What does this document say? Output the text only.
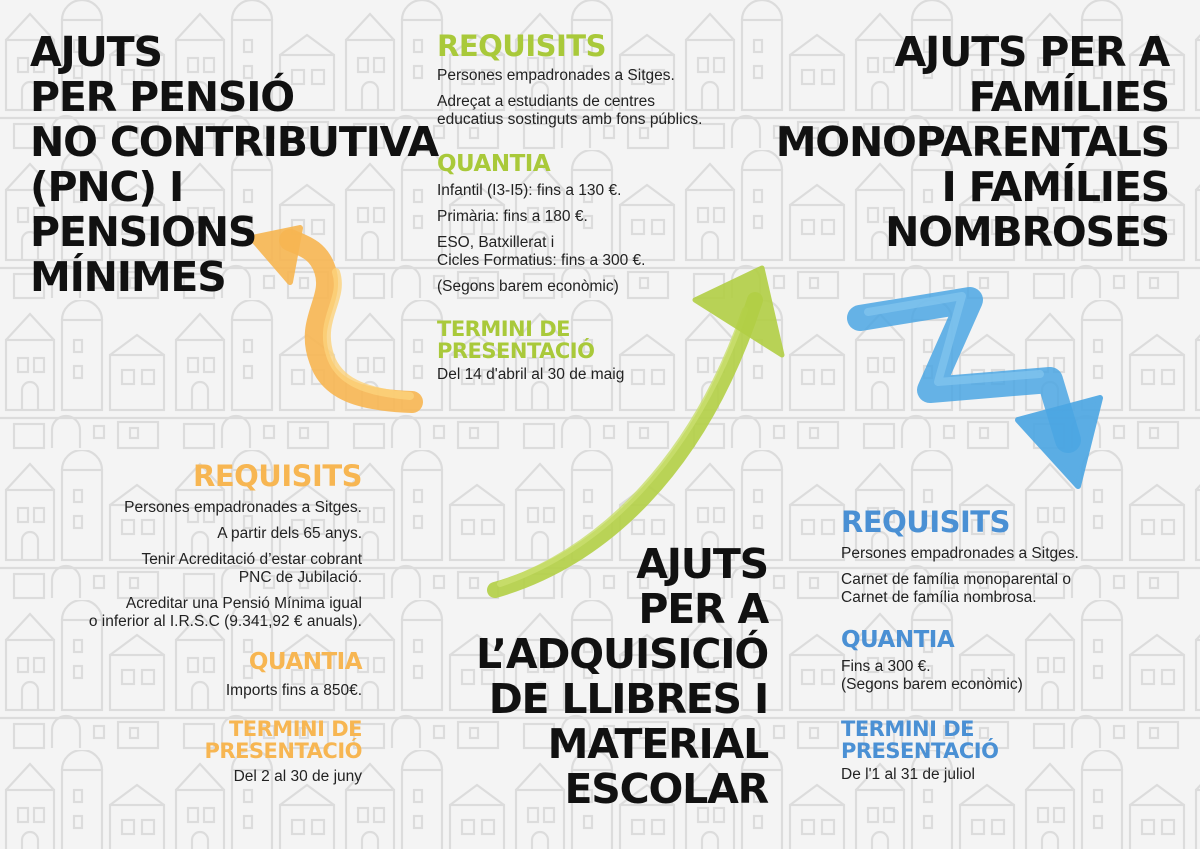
AJUTS
PER PENSIÓ
NO CONTRIBUTIVA
(PNC) I
PENSIONS
MÍNIMES
REQUISITS
Persones empadronades a Sitges.
A partir dels 65 anys.
Tenir Acreditació d’estar cobrant
PNC de Jubilació.
Acreditar una Pensió Mínima igual
o inferior al I.R.S.C (9.341,92 € anuals).
QUANTIA
Imports fins a 850€.
TERMINI DE
PRESENTACIÓ
Del 2 al 30 de juny
REQUISITS
Persones empadronades a Sitges.
Adreçat a estudiants de centres
educatius sostinguts amb fons públics.
QUANTIA
Infantil (I3-I5): fins a 130 €.
Primària: fins a 180 €.
ESO, Batxillerat i
Cicles Formatius: fins a 300 €.
(Segons barem econòmic)
TERMINI DE
PRESENTACIÓ
Del 14 d'abril al 30 de maig
AJUTS
PER A
L’ADQUISICIÓ
DE LLIBRES I
MATERIAL
ESCOLAR
AJUTS PER A
FAMÍLIES
MONOPARENTALS
I FAMÍLIES
NOMBROSES
REQUISITS
Persones empadronades a Sitges.
Carnet de família monoparental o
Carnet de família nombrosa.
QUANTIA
Fins a 300 €.
(Segons barem econòmic)
TERMINI DE
PRESENTACIÓ
De l'1 al 31 de juliol
